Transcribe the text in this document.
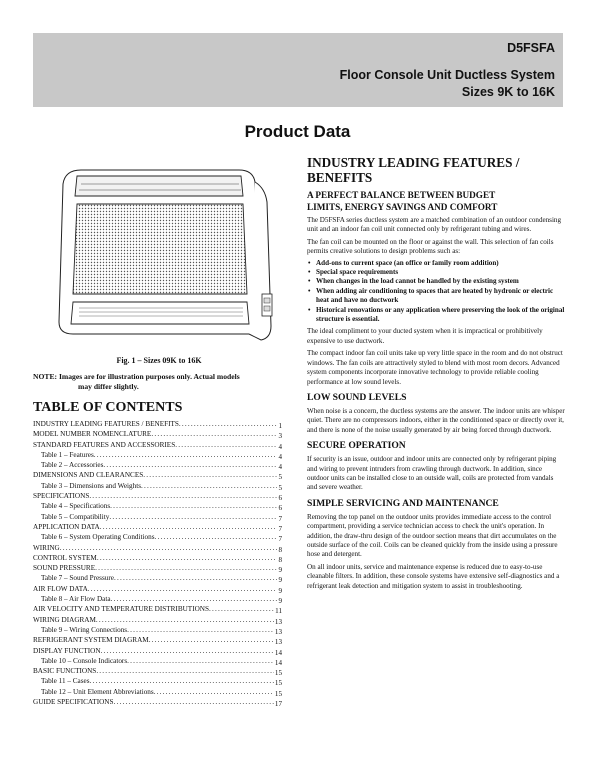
D5FSFA
Floor Console Unit Ductless System
Sizes 9K to 16K
Product Data
Fig. 1 – Sizes 09K to 16K
NOTE: Images are for illustration purposes only. Actual models
may differ slightly.
TABLE OF CONTENTS
INDUSTRY LEADING FEATURES / BENEFITS .....	1
MODEL NUMBER NOMENCLATURE .....	3
STANDARD FEATURES AND ACCESSORIES .....	4
Table 1 – Features .....	4
Table 2 – Accessories .....	4
DIMENSIONS AND CLEARANCES .....	5
Table 3 – Dimensions and Weights .....	5
SPECIFICATIONS .....	6
Table 4 – Specifications .....	6
Table 5 – Compatibility .....	7
APPLICATION DATA .....	7
Table 6 – System Operating Conditions .....	7
WIRING .....	8
CONTROL SYSTEM .....	8
SOUND PRESSURE .....	9
Table 7 – Sound Pressure .....	9
AIR FLOW DATA .....	9
Table 8 – Air Flow Data .....	9
AIR VELOCITY AND TEMPERATURE DISTRIBUTIONS .....	11
WIRING DIAGRAM .....	13
Table 9 – Wiring Connections .....	13
REFRIGERANT SYSTEM DIAGRAM .....	13
DISPLAY FUNCTION .....	14
Table 10 – Console Indicators .....	14
BASIC FUNCTIONS .....	15
Table 11 – Cases .....	15
Table 12 – Unit Element Abbreviations .....	15
GUIDE SPECIFICATIONS .....	17
INDUSTRY LEADING FEATURES /
BENEFITS
A PERFECT BALANCE BETWEEN BUDGET
LIMITS, ENERGY SAVINGS AND COMFORT

The D5FSFA series ductless system are a matched combination of an outdoor condensing unit and an indoor fan coil unit connected only by refrigerant tubing and wires.

The fan coil can be mounted on the floor or against the wall. This selection of fan coils permits creative solutions to design problems such as:

• Add-ons to current space (an office or family room addition)
• Special space requirements
• When changes in the load cannot be handled by the existing system
• When adding air conditioning to spaces that are heated by hydronic or electric heat and have no ductwork
• Historical renovations or any application where preserving the look of the original structure is essential.

The ideal compliment to your ducted system when it is impractical or prohibitively expensive to use ductwork.

The compact indoor fan coil units take up very little space in the room and do not obstruct windows. The fan coils are attractively styled to blend with most room decors. Advanced system components incorporate innovative technology to provide reliable cooling performance at low sound levels.

LOW SOUND LEVELS

When noise is a concern, the ductless systems are the answer. The indoor units are whisper quiet. There are no compressors indoors, either in the conditioned space or directly over it, and there is none of the noise usually generated by air being forced through ductwork.

SECURE OPERATION

If security is an issue, outdoor and indoor units are connected only by refrigerant piping and wiring to prevent intruders from crawling through ductwork. In addition, since outdoor units can be installed close to an outside wall, coils are protected from vandals and severe weather.

SIMPLE SERVICING AND MAINTENANCE

Removing the top panel on the outdoor units provides immediate access to the control compartment, providing a service technician access to check the unit's operation. In addition, the draw-thru design of the outdoor section means that dirt accumulates on the outside surface of the coil. Coils can be cleaned quickly from the inside using a pressure hose and detergent.

On all indoor units, service and maintenance expense is reduced due to easy-to-use cleanable filters. In addition, these console systems have extensive self-diagnostics and a refrigerant leak detection and mitigation system to assist in troubleshooting.
